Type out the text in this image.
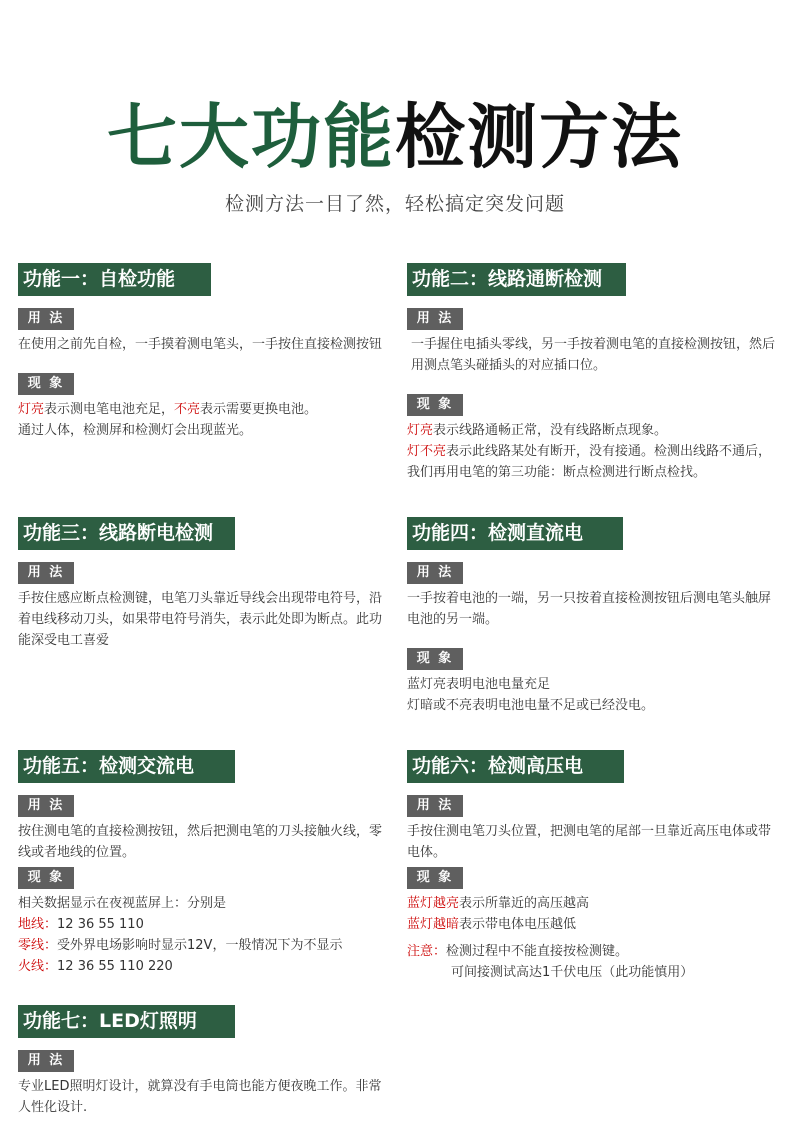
七大功能检测方法
检测方法一目了然，轻松搞定突发问题
功能一：自检功能
用 法
在使用之前先自检，一手摸着测电笔头，一手按住直接检测按钮
现 象

灯亮表示测电笔电池充足，不亮表示需要更换电池。

通过人体，检测屏和检测灯会出现蓝光。

功能二：线路通断检测
用 法
一手握住电插头零线，另一手按着测电笔的直接检测按钮，然后用测点笔头碰插头的对应插口位。
现 象

灯亮表示线路通畅正常，没有线路断点现象。

灯不亮表示此线路某处有断开，没有接通。检测出线路不通后，我们再用电笔的第三功能：断点检测进行断点检找。

功能三：线路断电检测
用 法
手按住感应断点检测键，电笔刀头靠近导线会出现带电符号，沿着电线移动刀头，如果带电符号消失，表示此处即为断点。此功能深受电工喜爱
功能四：检测直流电
用 法
一手按着电池的一端，另一只按着直接检测按钮后测电笔头触屏电池的另一端。
现 象

蓝灯亮表明电池电量充足

灯暗或不亮表明电池电量不足或已经没电。

功能五：检测交流电
用 法
按住测电笔的直接检测按钮，然后把测电笔的刀头接触火线，零线或者地线的位置。
现 象

相关数据显示在夜视蓝屏上：分别是

地线：12 36 55 110

零线：受外界电场影响时显示12V，一般情况下为不显示

火线：12 36 55 110 220

功能六：检测高压电
用 法
手按住测电笔刀头位置，把测电笔的尾部一旦靠近高压电体或带电体。
现 象

蓝灯越亮表示所靠近的高压越高

蓝灯越暗表示带电体电压越低

注意：检测过程中不能直接按检测键。

可间接测试高达1千伏电压（此功能慎用）

功能七：LED灯照明
用 法
专业LED照明灯设计，就算没有手电筒也能方便夜晚工作。非常人性化设计.
